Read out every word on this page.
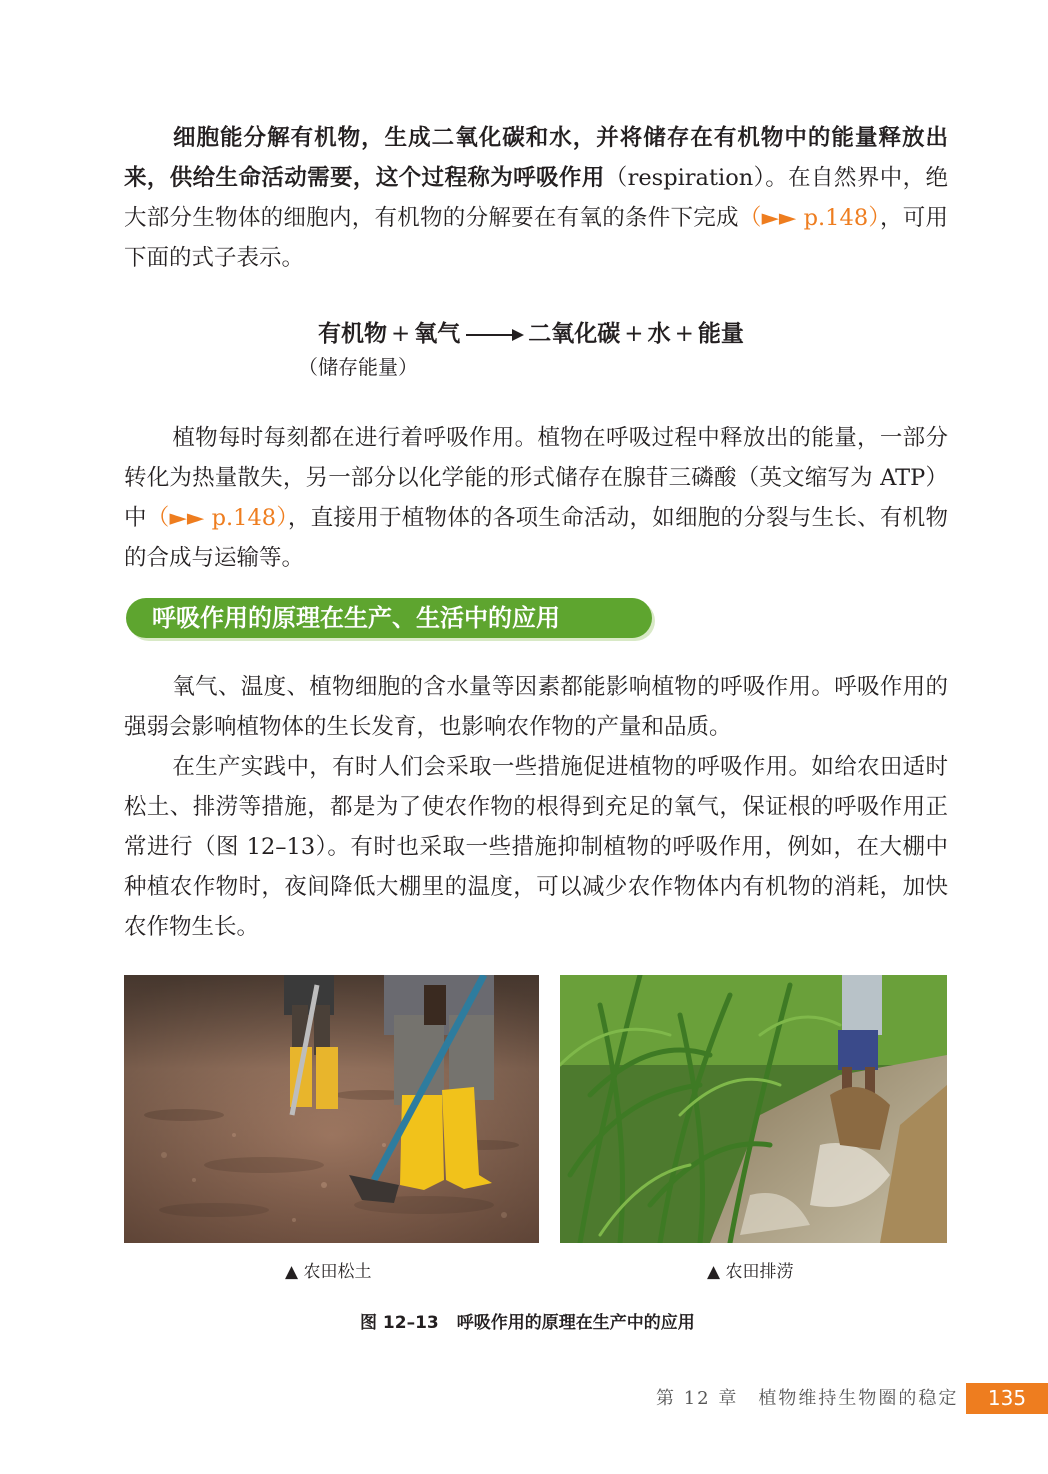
细胞能分解有机物，生成二氧化碳和水，并将储存在有机物中的能量释放出来，供给生命活动需要，这个过程称为呼吸作用（respiration）。在自然界中，绝大部分生物体的细胞内，有机物的分解要在有氧的条件下完成（►► p.148），可用下面的式子表示。

有机物 + 氧气	二氧化碳 + 水 + 能量
（储存能量）

植物每时每刻都在进行着呼吸作用。植物在呼吸过程中释放出的能量，一部分转化为热量散失，另一部分以化学能的形式储存在腺苷三磷酸（英文缩写为 ATP）中（►► p.148），直接用于植物体的各项生命活动，如细胞的分裂与生长、有机物的合成与运输等。

呼吸作用的原理在生产、生活中的应用

氧气、温度、植物细胞的含水量等因素都能影响植物的呼吸作用。呼吸作用的强弱会影响植物体的生长发育，也影响农作物的产量和品质。

在生产实践中，有时人们会采取一些措施促进植物的呼吸作用。如给农田适时松土、排涝等措施，都是为了使农作物的根得到充足的氧气，保证根的呼吸作用正常进行（图 12–13）。有时也采取一些措施抑制植物的呼吸作用，例如，在大棚中种植农作物时，夜间降低大棚里的温度，可以减少农作物体内有机物的消耗，加快农作物生长。

▲ 农田松土	▲ 农田排涝
图 12–13 呼吸作用的原理在生产中的应用
第 12 章　植物维持生物圈的稳定	135
